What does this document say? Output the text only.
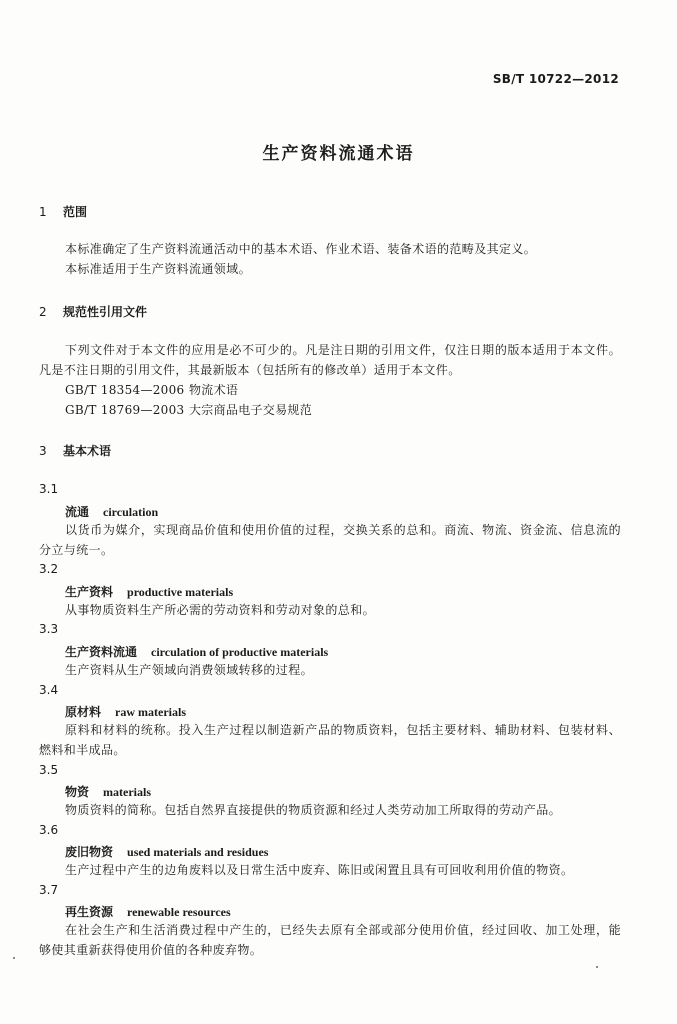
SB/T 10722—2012
生产资料流通术语
1 范围
本标准确定了生产资料流通活动中的基本术语、作业术语、装备术语的范畴及其定义。
本标准适用于生产资料流通领域。
2 规范性引用文件
下列文件对于本文件的应用是必不可少的。凡是注日期的引用文件，仅注日期的版本适用于本文件。凡是不注日期的引用文件，其最新版本（包括所有的修改单）适用于本文件。
GB/T 18354—2006 物流术语
GB/T 18769—2003 大宗商品电子交易规范
3 基本术语
3.1
流通 circulation
以货币为媒介，实现商品价值和使用价值的过程，交换关系的总和。商流、物流、资金流、信息流的分立与统一。
3.2
生产资料 productive materials
从事物质资料生产所必需的劳动资料和劳动对象的总和。
3.3
生产资料流通 circulation of productive materials
生产资料从生产领域向消费领域转移的过程。
3.4
原材料 raw materials
原料和材料的统称。投入生产过程以制造新产品的物质资料，包括主要材料、辅助材料、包装材料、燃料和半成品。
3.5
物资 materials
物质资料的简称。包括自然界直接提供的物质资源和经过人类劳动加工所取得的劳动产品。
3.6
废旧物资 used materials and residues
生产过程中产生的边角废料以及日常生活中废弃、陈旧或闲置且具有可回收利用价值的物资。
3.7
再生资源 renewable resources
在社会生产和生活消费过程中产生的，已经失去原有全部或部分使用价值，经过回收、加工处理，能够使其重新获得使用价值的各种废弃物。
